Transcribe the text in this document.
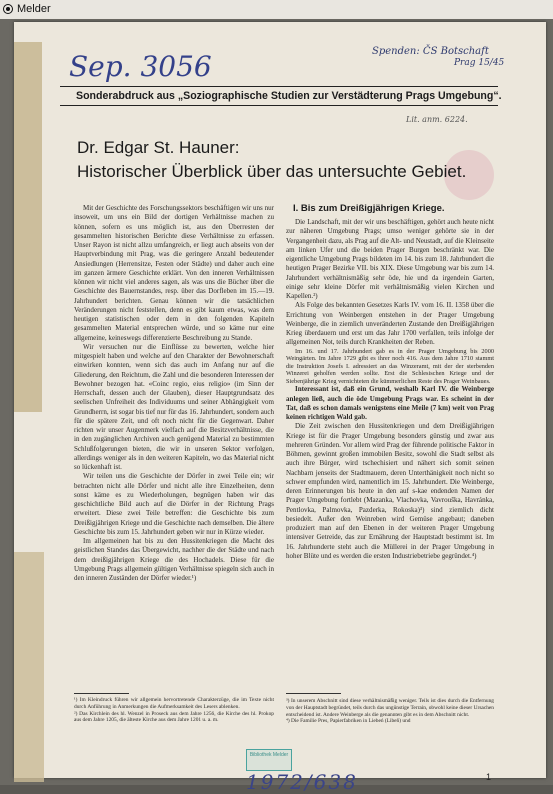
Melder
Sep. 3056	Spenden: ČS Botschaft
Prag 15/45
Lit. anm. 6224.
Sonderabdruck aus „Soziographische Studien zur Verstädterung Prags Umgebung“.
Dr. Edgar St. Hauner:
Historischer Überblick über das untersuchte Gebiet.

Mit der Geschichte des Forschungssektors beschäftigen wir uns nur insoweit, um uns ein Bild der dortigen Verhältnisse machen zu können, sofern es uns möglich ist, aus den Überresten der gesammelten historischen Berichte diese Verhältnisse zu erfassen. Unser Rayon ist nicht allzu umfangreich, er liegt auch abseits von der Hauptverbindung mit Prag, was die geringere Anzahl bedeutender Ansiedlungen (Herrensitze, Festen oder Städte) und daher auch eine im ganzen ärmere Geschichte erklärt. Von den inneren Verhältnissen können wir nicht viel anderes sagen, als was uns die Bücher über die Geschichte des Bauernstandes, resp. über das Dorfleben im 15.—19. Jahrhundert berichten. Genau können wir die tatsächlichen Veränderungen nicht feststellen, denn es gibt kaum etwas, was dem heutigen statistischen oder dem in den folgenden Kapiteln gesammelten Material entsprechen würde, und so käme nur eine allgemeine, keineswegs differenzierte Beschreibung zu Stande.

Wir versuchen nur die Einflüsse zu bewerten, welche hier mitgespielt haben und welche auf den Charakter der Bewohnerschaft einwirken konnten, wenn sich das auch im Anfang nur auf die Gliederung, den Reichtum, die Zahl und die besonderen Interessen der Bewohner bezogen hat. «Coinc regio, eius religio» (im Sinn der Herrschaft, dessen auch der Glauben), dieser Hauptgrundsatz des seelischen Unfreiheit des Individuums und seiner Abhängigkeit vom Grundherrn, ist sogar bis tief nur für das 16. Jahrhundert, sondern auch für die spätere Zeit, und oft noch nicht für die Gegenwart. Daher richten wir unser Augenmerk vielfach auf die Besitzverhältnisse, die in den zugänglichen Archiven auch genügend Material zu bestimmten Schlußfolgerungen bieten, die wir in unseren Sektor verfolgen, allerdings weniger als in den weiteren Kapiteln, wo das Material nicht so lückenhaft ist.

Wir teilen uns die Geschichte der Dörfer in zwei Teile ein; wir betrachten nicht alle Dörfer und nicht alle ihre Einzelheiten, denn sonst käme es zu Wiederholungen, begnügen haben wir das geschichtliche Bild auch auf die Dörfer in der Richtung Prags erweitert. Diese zwei Teile betreffen: die Geschichte bis zum Dreißigjährigen Kriege und die Geschichte nach demselben. Die ältere Geschichte bis zum 15. Jahrhundert geben wir nur in Kürze wieder.

Im allgemeinen hat bis zu den Hussitenkriegen die Macht des geistlichen Standes das Übergewicht, nachher die der Städte und nach dem dreißigjährigen Kriege die des Hochadels. Diese für die Umgebung Prags allgemein gültigen Verhältnisse spiegeln sich auch in den inneren Zuständen der Dörfer wieder.¹)

I. Bis zum Dreißigjährigen Kriege.

Die Landschaft, mit der wir uns beschäftigen, gehört auch heute nicht zur näheren Umgebung Prags; umso weniger gehörte sie in der Vergangenheit dazu, als Prag auf die Alt- und Neustadt, auf die Kleinseite am linken Ufer und die beiden Prager Burgen beschränkt war. Die eigentliche Umgebung Prags bildeten im 14. bis zum 18. Jahrhundert die heutigen Prager Bezirke VII. bis XIX. Diese Umgebung war bis zum 14. Jahrhundert verhältnismäßig sehr öde, hie und da irgendein Garten, einige sehr kleine Dörfer mit verhältnismäßig vielen Kirchen und Kapellen.²)

Als Folge des bekannten Gesetzes Karls IV. vom 16. II. 1358 über die Errichtung von Weinbergen entstehen in der Prager Umgebung Weinberge, die in ziemlich unveränderten Zustande den Dreißigjährigen Krieg überdauern und erst um das Jahr 1700 verfallen, teils infolge der allgemeinen Not, teils durch Krankheiten der Reben.

Im 16. und 17. Jahrhundert gab es in der Prager Umgebung bis 2000 Weingärten. Im Jahre 1729 gibt es ihrer noch 416. Aus dem Jahre 1710 stammt die Instruktion Josefs I. adressiert an das Winzeramt, mit der der sterbenden Winzerei geholfen werden sollte. Erst die Schlesischen Kriege und der Siebenjährige Krieg vernichteten die kümmerlichen Reste des Prager Weinbaues.

Interessant ist, daß ein Grund, weshalb Karl IV. die Weinberge anlegen ließ, auch die öde Umgebung Prags war. Es scheint in der Tat, daß es schon damals wenigstens eine Meile (7 km) weit von Prag keinen richtigen Wald gab.

Die Zeit zwischen den Hussitenkriegen und dem Dreißigjährigen Kriege ist für die Prager Umgebung besonders günstig und zwar aus mehreren Gründen. Vor allem wird Prag der führende politische Faktor in Böhmen, gewinnt großen immobilen Besitz, sowohl die Stadt selbst als auch ihre Bürger, wird tschechisiert und nähert sich somit seinen Nachbarn jenseits der Stadtmauern, deren Unterthänigkeit noch nicht so schwer empfunden wird, namentlich im 15. Jahrhundert. Die Weinberge, deren Erinnerungen bis heute in den auf s-kae endenden Namen der Prager Umgebung fortlebt (Mazanka, Vlachovka, Vavrouška, Havránka, Pentlovka, Palmovka, Pazderka, Rokoska)³) sind ziemlich dicht besiedelt. Außer den Weinreben wird Gemüse angebaut; daneben produziert man auf den Ebenen in der weiteren Prager Umgebung intensiver Getreide, das zur Ernährung der Hauptstadt bestimmt ist. Im 16. Jahrhunderte steht auch die Müllerei in der Prager Umgebung in hoher Blüte und es werden die ersten Industriebetriebe gegründet.⁴)

¹) Im Kleindruck führen wir allgemein hervortretende Charakterzüge, die im Texte nicht durch Anführung in Anmerkungen die Aufmerksamkeit des Lesers ablenken.
²) Das Kirchlein des hl. Wenzel in Proseck aus dem Jahre 1256, die Kirche des hl. Prokop aus dem Jahre 1205, die älteste Kirche aus dem Jahre 1201 u. a. m.
³) In unserem Abschnitt sind diese verhältnismäßig weniger. Teils ist dies durch die Entfernung von der Hauptstadt begründet, teils durch das ungünstige Terrain, obwohl keine dieser Ursachen entscheidend ist. Andere Weinberge als die genannten gibt es in dem Abschnitt nicht.
⁴) Die Familie Pres, Papierfabriken in Liebeń (Libeň) und
Bibliothek Melder
1972/638	1
